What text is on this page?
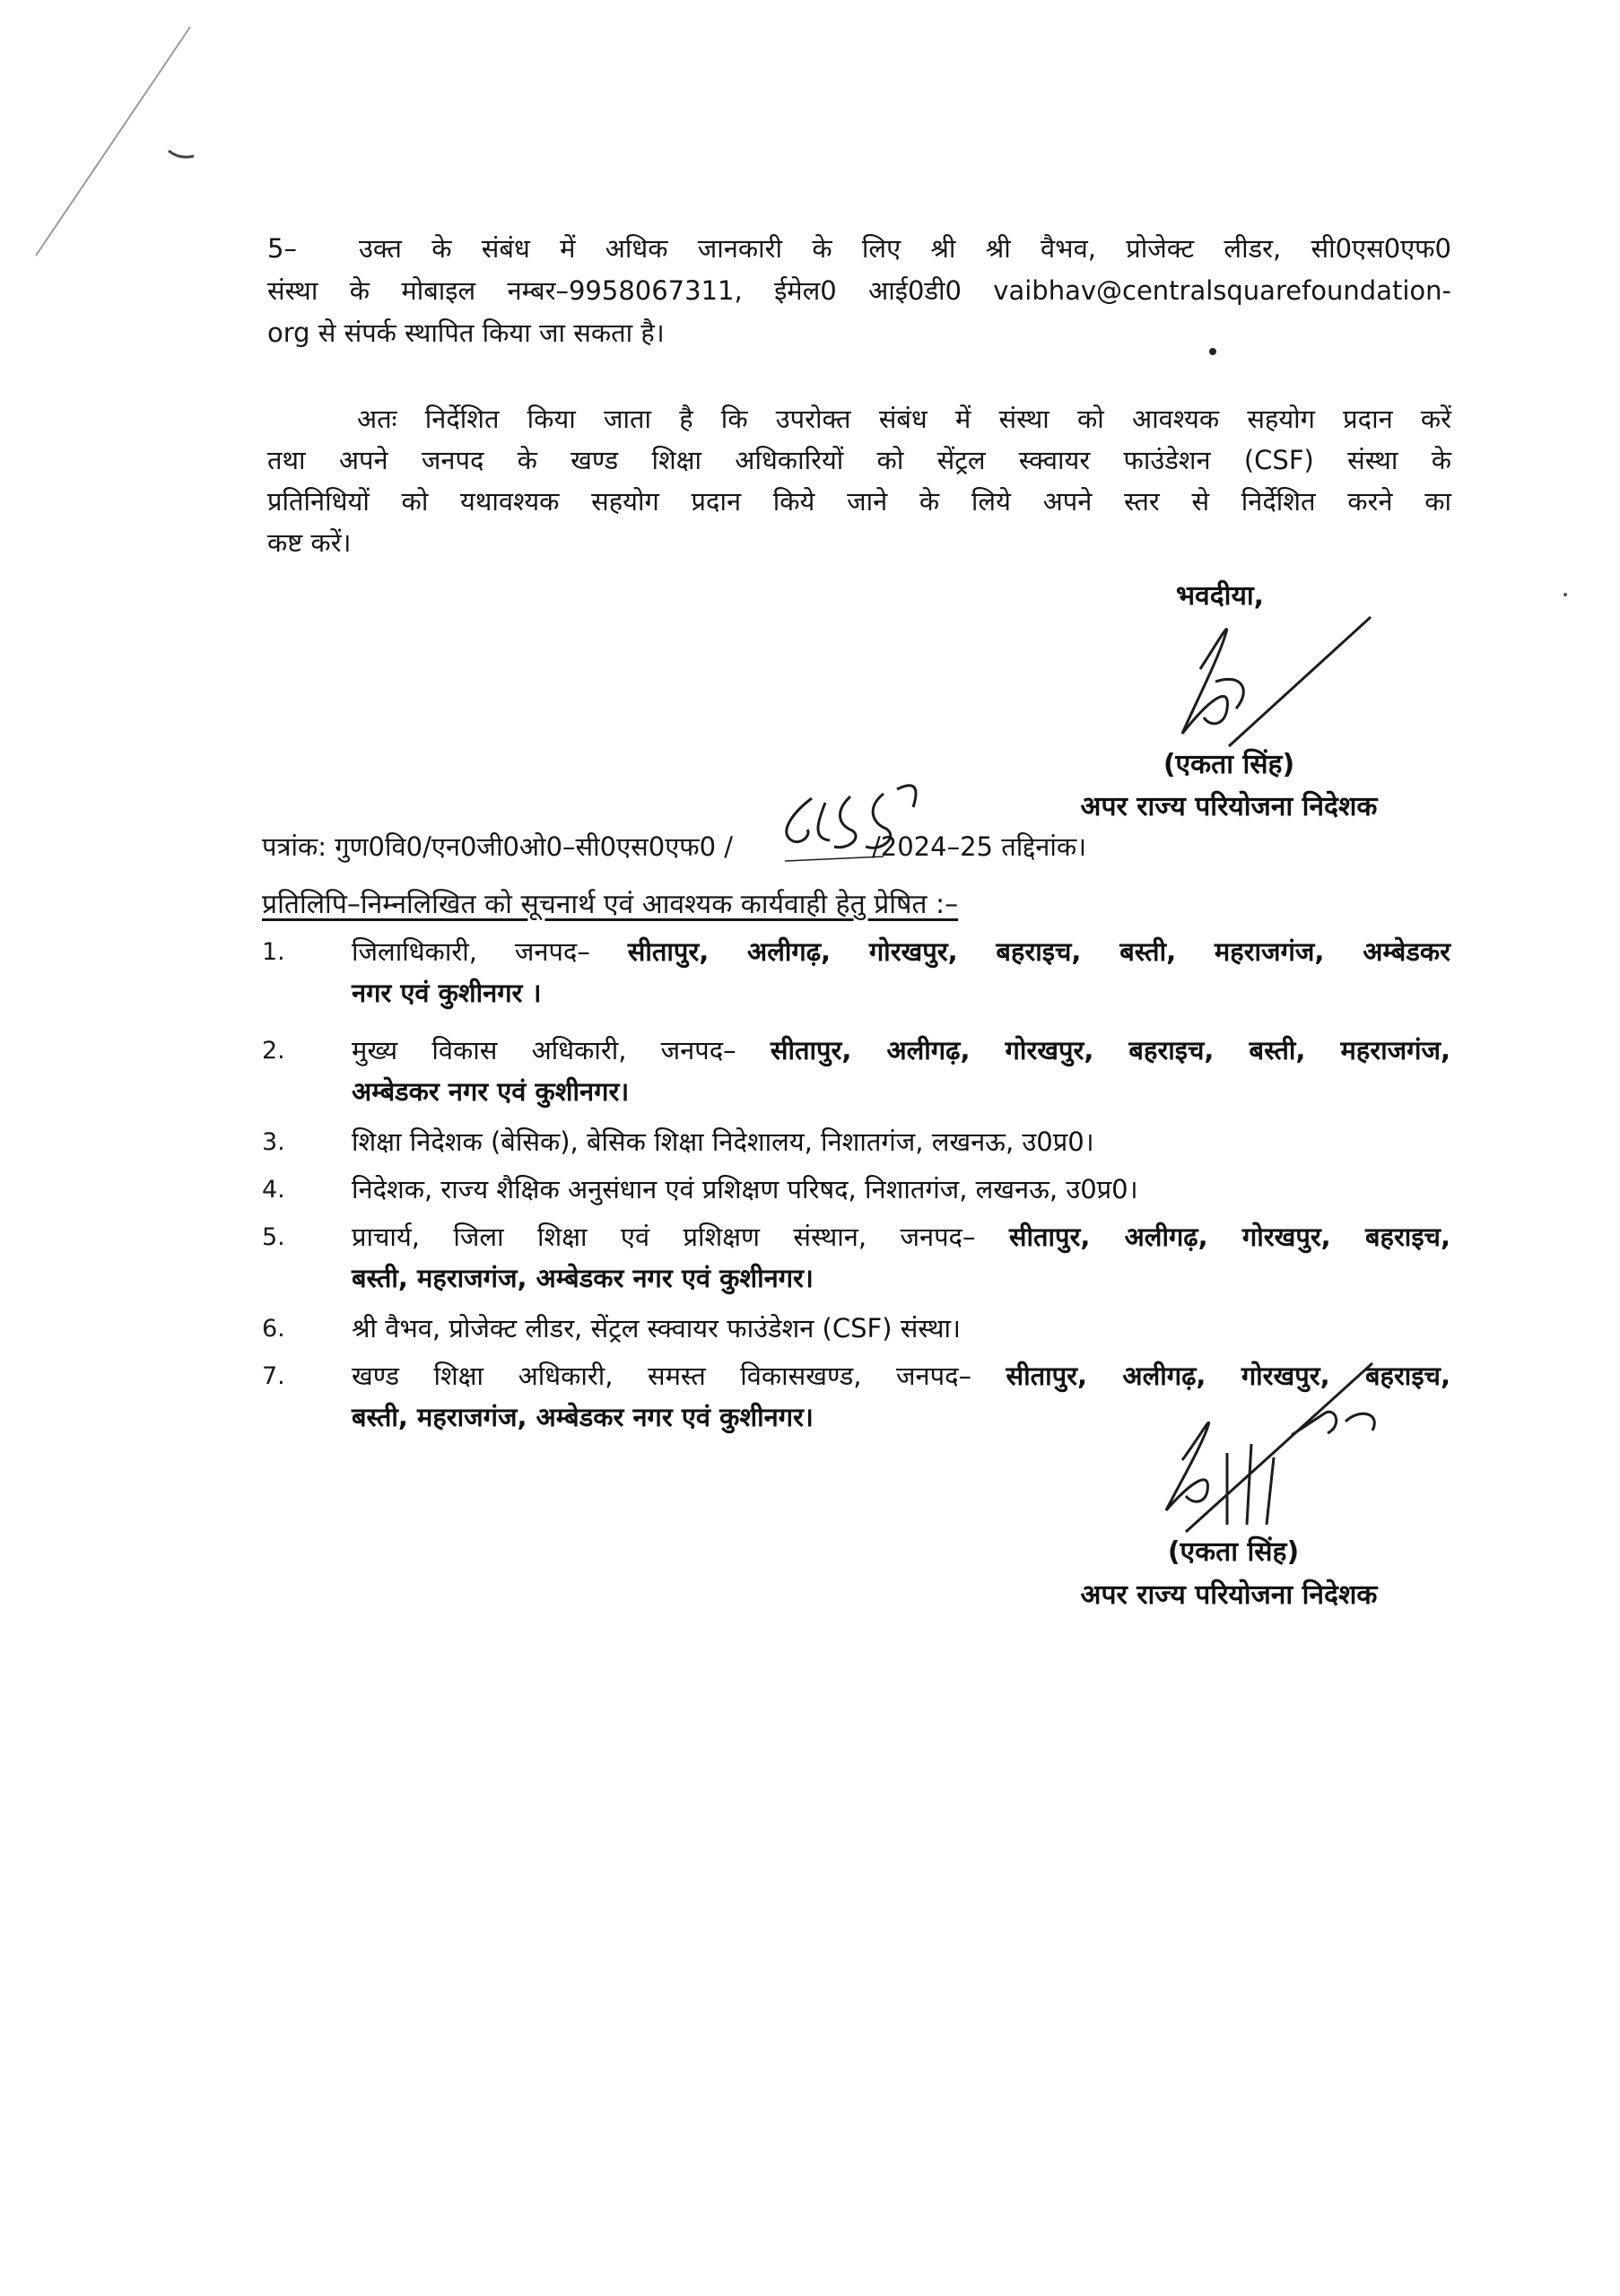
5– उक्त के संबंध में अधिक जानकारी के लिए श्री श्री वैभव, प्रोजेक्ट लीडर, सी0एस0एफ0
संस्था के मोबाइल नम्बर–9958067311, ईमेल0 आई0डी0 vaibhav@centralsquarefoundation-
org से संपर्क स्थापित किया जा सकता है।
अतः निर्देशित किया जाता है कि उपरोक्त संबंध में संस्था को आवश्यक सहयोग प्रदान करें
तथा अपने जनपद के खण्ड शिक्षा अधिकारियों को सेंट्रल स्क्वायर फाउंडेशन (CSF) संस्था के
प्रतिनिधियों को यथावश्यक सहयोग प्रदान किये जाने के लिये अपने स्तर से निर्देशित करने का
कष्ट करें।
भवदीया,
(एकता सिंह)
अपर राज्य परियोजना निदेशक
पत्रांक: गुण0वि0/एन0जी0ओ0–सी0एस0एफ0 /	/2024–25 तद्दिनांक।
प्रतिलिपि–निम्नलिखित को सूचनार्थ एवं आवश्यक कार्यवाही हेतु प्रेषित :–
1.	जिलाधिकारी, जनपद– सीतापुर, अलीगढ़, गोरखपुर, बहराइच, बस्ती, महराजगंज, अम्बेडकर
नगर एवं कुशीनगर ।
2.	मुख्य विकास अधिकारी, जनपद– सीतापुर, अलीगढ़, गोरखपुर, बहराइच, बस्ती, महराजगंज,
अम्बेडकर नगर एवं कुशीनगर।
3.	शिक्षा निदेशक (बेसिक), बेसिक शिक्षा निदेशालय, निशातगंज, लखनऊ, उ0प्र0।
4.	निदेशक, राज्य शैक्षिक अनुसंधान एवं प्रशिक्षण परिषद, निशातगंज, लखनऊ, उ0प्र0।
5.	प्राचार्य, जिला शिक्षा एवं प्रशिक्षण संस्थान, जनपद– सीतापुर, अलीगढ़, गोरखपुर, बहराइच,
बस्ती, महराजगंज, अम्बेडकर नगर एवं कुशीनगर।
6.	श्री वैभव, प्रोजेक्ट लीडर, सेंट्रल स्क्वायर फाउंडेशन (CSF) संस्था।
7.	खण्ड शिक्षा अधिकारी, समस्त विकासखण्ड, जनपद– सीतापुर, अलीगढ़, गोरखपुर, बहराइच,
बस्ती, महराजगंज, अम्बेडकर नगर एवं कुशीनगर।
(एकता सिंह)
अपर राज्य परियोजना निदेशक
